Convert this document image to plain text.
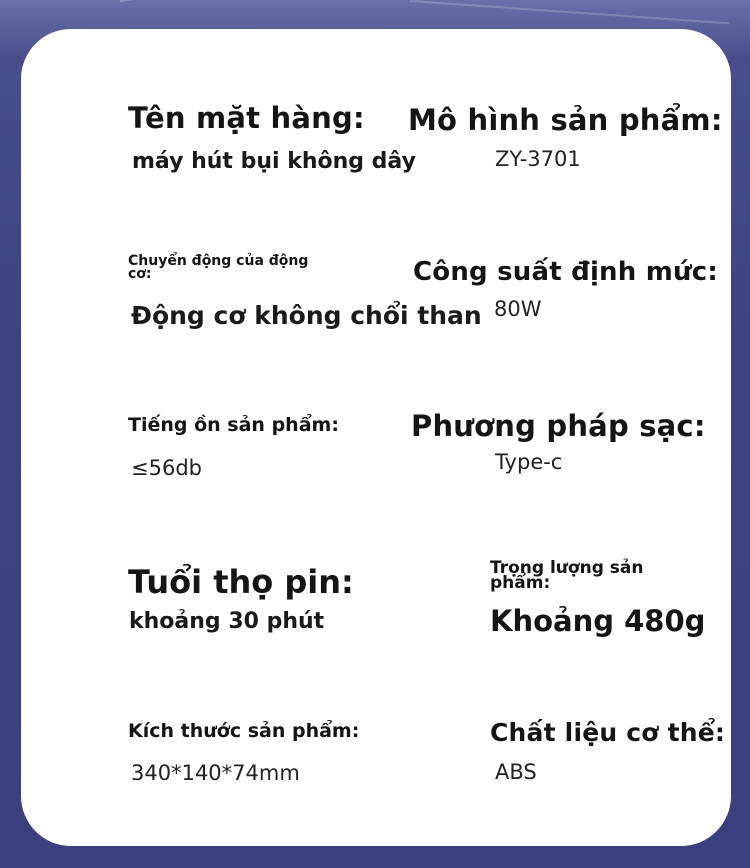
Tên mặt hàng:
máy hút bụi không dây
Mô hình sản phẩm:
ZY-3701
Chuyển động của động cơ:
Động cơ không chổi than
Công suất định mức:
80W
Tiếng ồn sản phẩm:
≤56db
Phương pháp sạc:
Type-c
Tuổi thọ pin:
khoảng 30 phút
Trọng lượng sản phẩm:
Khoảng 480g
Kích thước sản phẩm:
340*140*74mm
Chất liệu cơ thể:
ABS
